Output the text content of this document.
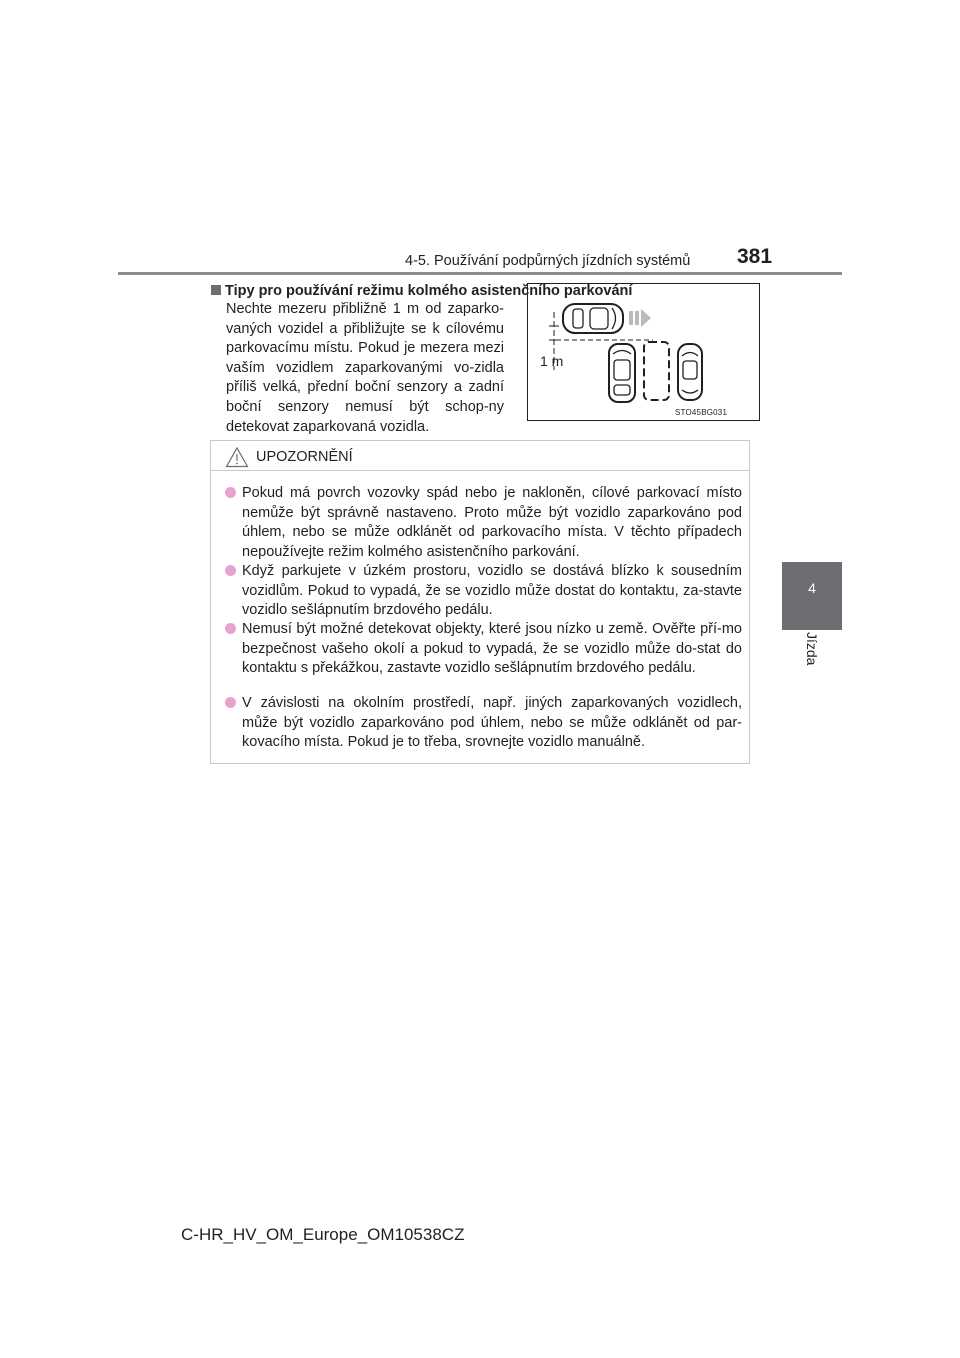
4-5. Používání podpůrných jízdních systémů 381
4
Jízda
Tipy pro používání režimu kolmého asistenčního parkování
Nechte mezeru přibližně 1 m od zaparko-vaných vozidel a přibližujte se k cílovému parkovacímu místu. Pokud je mezera mezi vaším vozidlem zaparkovanými vo-zidla příliš velká, přední boční senzory a zadní boční senzory nemusí být schop-ny detekovat zaparkovaná vozidla.
1 m
STO45BG031
UPOZORNĚNÍ
Pokud má povrch vozovky spád nebo je nakloněn, cílové parkovací místo nemůže být správně nastaveno. Proto může být vozidlo zaparkováno pod úhlem, nebo se může odklánět od parkovacího místa. V těchto případech nepoužívejte režim kolmého asistenčního parkování.
Když parkujete v úzkém prostoru, vozidlo se dostává blízko k sousedním vozidlům. Pokud to vypadá, že se vozidlo může dostat do kontaktu, za-stavte vozidlo sešlápnutím brzdového pedálu.
Nemusí být možné detekovat objekty, které jsou nízko u země. Ověřte pří-mo bezpečnost vašeho okolí a pokud to vypadá, že se vozidlo může do-stat do kontaktu s překážkou, zastavte vozidlo sešlápnutím brzdového pedálu.
V závislosti na okolním prostředí, např. jiných zaparkovaných vozidlech, může být vozidlo zaparkováno pod úhlem, nebo se může odklánět od par-kovacího místa. Pokud je to třeba, srovnejte vozidlo manuálně.
C-HR_HV_OM_Europe_OM10538CZ
